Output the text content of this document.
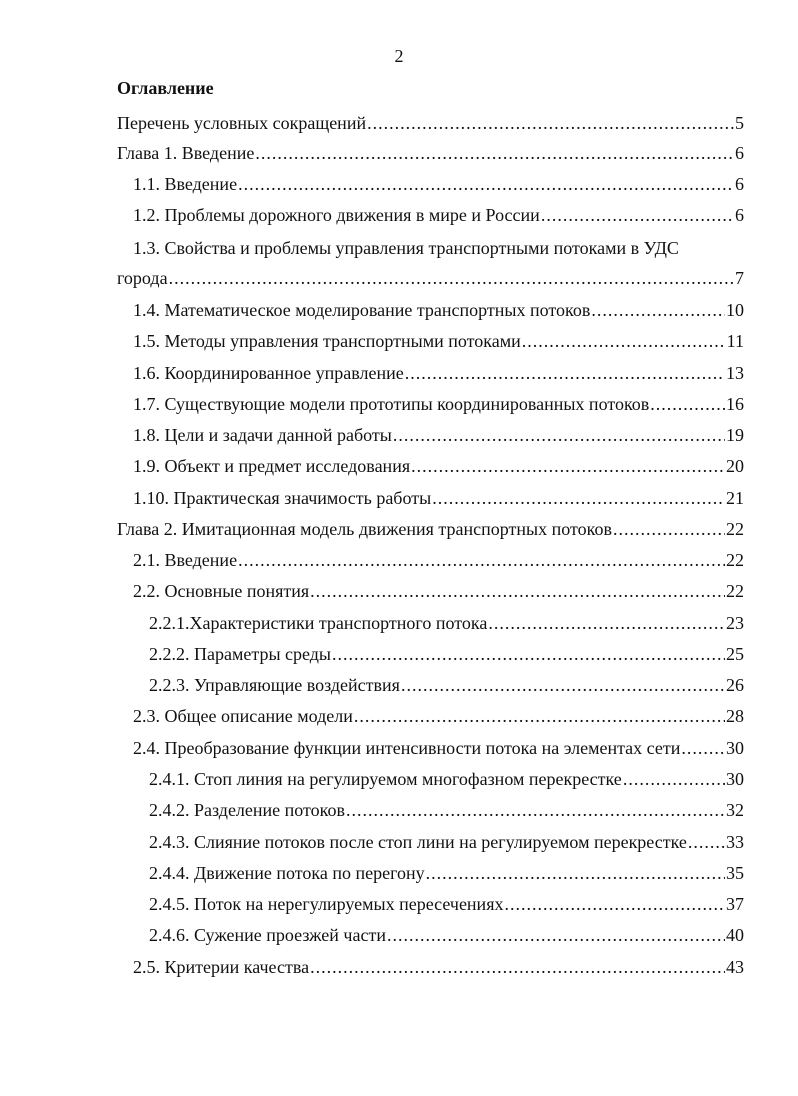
2
Оглавление
Перечень условных сокращений .....	5
Глава 1. Введение .....	6
1.1. Введение .....	6
1.2. Проблемы дорожного движения в мире и России .....	6
1.3. Свойства и проблемы управления транспортными потоками в УДС
города .....	7
1.4. Математическое моделирование транспортных потоков .....	10
1.5. Методы управления транспортными потоками .....	11
1.6. Координированное управление .....	13
1.7. Существующие модели прототипы координированных потоков .....	16
1.8. Цели и задачи данной работы .....	19
1.9. Объект и предмет исследования .....	20
1.10. Практическая значимость работы .....	21
Глава 2. Имитационная модель движения транспортных потоков .....	22
2.1. Введение .....	22
2.2. Основные понятия .....	22
2.2.1.Характеристики транспортного потока .....	23
2.2.2. Параметры среды .....	25
2.2.3. Управляющие воздействия .....	26
2.3. Общее описание модели .....	28
2.4. Преобразование функции интенсивности потока на элементах сети .....	30
2.4.1. Стоп линия на регулируемом многофазном перекрестке .....	30
2.4.2. Разделение потоков .....	32
2.4.3. Слияние потоков после стоп лини на регулируемом перекрестке ..... 33
2.4.4. Движение потока по перегону .....	35
2.4.5. Поток на нерегулируемых пересечениях .....	37
2.4.6. Сужение проезжей части .....	40
2.5. Критерии качества .....	43
